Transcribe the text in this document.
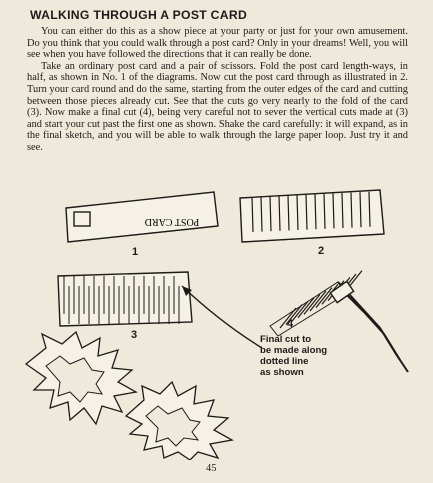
WALKING THROUGH A POST CARD

You can either do this as a show piece at your party or just for your own amusement. Do you think that you could walk through a post card? Only in your dreams! Well, you will see when you have followed the directions that it can really be done.

Take an ordinary post card and a pair of scissors. Fold the post card length-ways, in half, as shown in No. 1 of the diagrams. Now cut the post card through as illustrated in 2. Turn your card round and do the same, starting from the outer edges of the card and cutting between those pieces already cut. See that the cuts go very nearly to the fold of the card (3). Now make a final cut (4), being very careful not to sever the vertical cuts made at (3) and start your cut past the first one as shown. Shake the card carefully: it will expand, as in the final sketch, and you will be able to walk through the large paper loop. Just try it and see.

POST CARD
1	2
3
4
Final cut to
be made along
dotted line
as shown
45
